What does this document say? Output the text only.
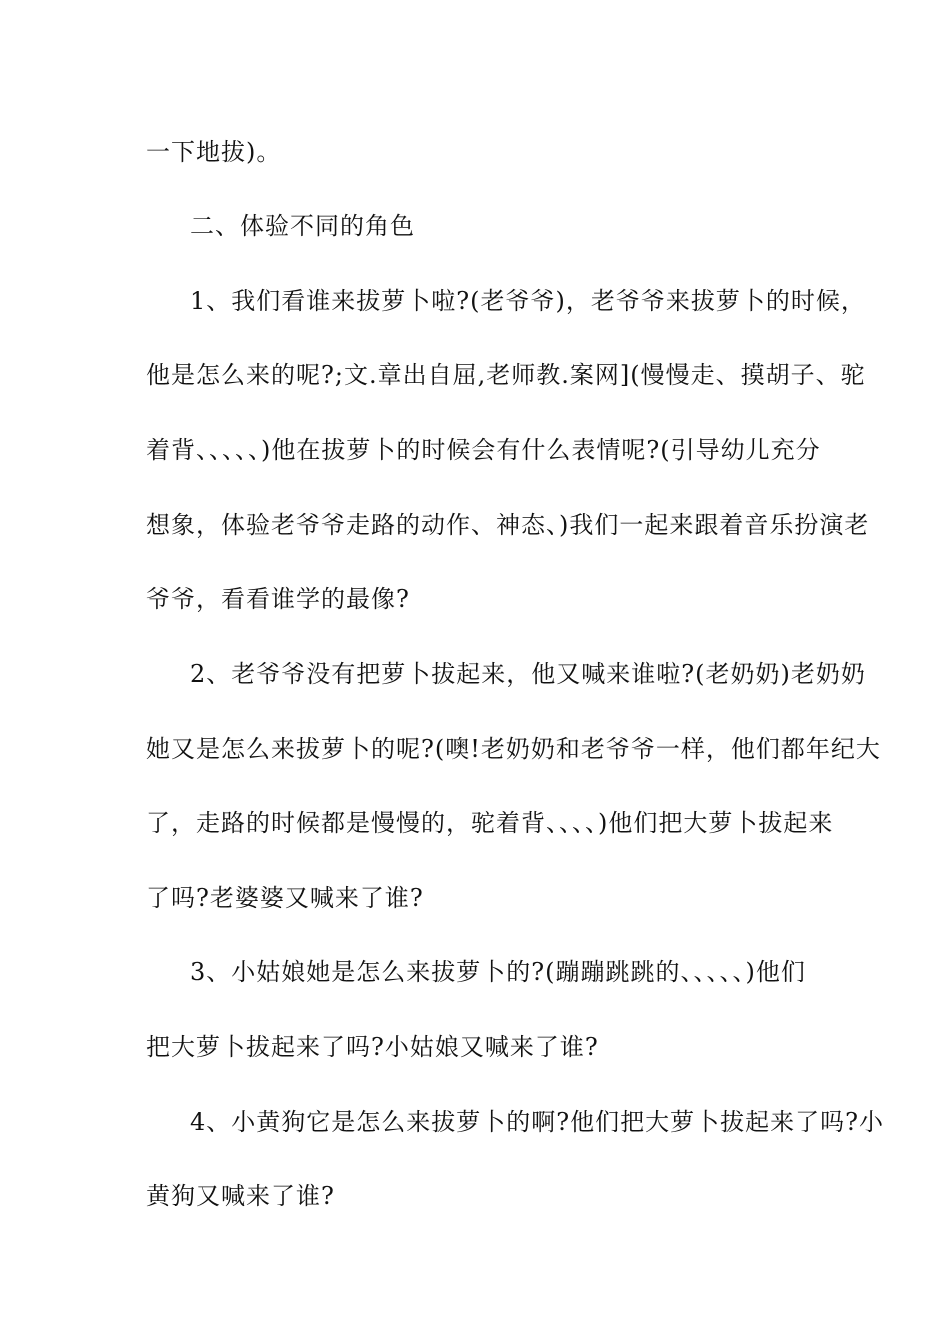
一下地拔)。
二、体验不同的角色
1、我们看谁来拔萝卜啦?(老爷爷)，老爷爷来拔萝卜的时候，
他是怎么来的呢?;文.章出自屈,老师教.案网](慢慢走、摸胡子、驼
着背、、、、、)他在拔萝卜的时候会有什么表情呢?(引导幼儿充分
想象，体验老爷爷走路的动作、神态、)我们一起来跟着音乐扮演老
爷爷，看看谁学的最像?
2、老爷爷没有把萝卜拔起来，他又喊来谁啦?(老奶奶)老奶奶
她又是怎么来拔萝卜的呢?(噢!老奶奶和老爷爷一样，他们都年纪大
了，走路的时候都是慢慢的，驼着背、、、、)他们把大萝卜拔起来
了吗?老婆婆又喊来了谁?
3、小姑娘她是怎么来拔萝卜的?(蹦蹦跳跳的、、、、、)他们
把大萝卜拔起来了吗?小姑娘又喊来了谁?
4、小黄狗它是怎么来拔萝卜的啊?他们把大萝卜拔起来了吗?小
黄狗又喊来了谁?
